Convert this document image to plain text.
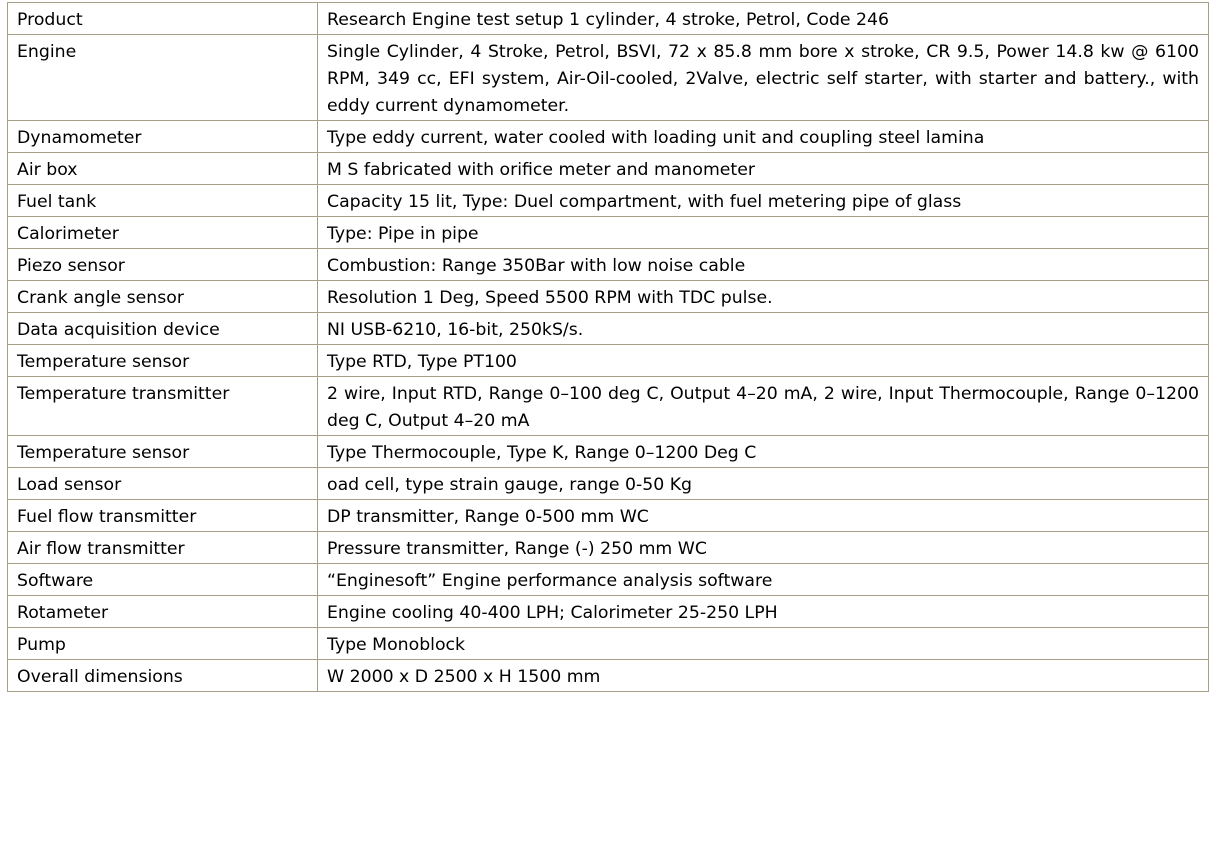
Product	Research Engine test setup 1 cylinder, 4 stroke, Petrol, Code 246
Engine	Single Cylinder, 4 Stroke, Petrol, BSVI, 72 x 85.8 mm bore x stroke, CR 9.5, Power 14.8 kw @ 6100 RPM, 349 cc, EFI system, Air-Oil-cooled, 2Valve, electric self starter, with starter and battery., with eddy current dynamometer.
Dynamometer	Type eddy current, water cooled with loading unit and coupling steel lamina
Air box	M S fabricated with orifice meter and manometer
Fuel tank	Capacity 15 lit, Type: Duel compartment, with fuel metering pipe of glass
Calorimeter	Type: Pipe in pipe
Piezo sensor	Combustion: Range 350Bar with low noise cable
Crank angle sensor	Resolution 1 Deg, Speed 5500 RPM with TDC pulse.
Data acquisition device	NI USB-6210, 16-bit, 250kS/s.
Temperature sensor	Type RTD, Type PT100
Temperature transmitter	2 wire, Input RTD, Range 0–100 deg C, Output 4–20 mA, 2 wire, Input Thermocouple, Range 0–1200 deg C, Output 4–20 mA
Temperature sensor	Type Thermocouple, Type K, Range 0–1200 Deg C
Load sensor	oad cell, type strain gauge, range 0-50 Kg
Fuel flow transmitter	DP transmitter, Range 0-500 mm WC
Air flow transmitter	Pressure transmitter, Range (-) 250 mm WC
Software	“Enginesoft” Engine performance analysis software
Rotameter	Engine cooling 40-400 LPH; Calorimeter 25-250 LPH
Pump	Type Monoblock
Overall dimensions	W 2000 x D 2500 x H 1500 mm
